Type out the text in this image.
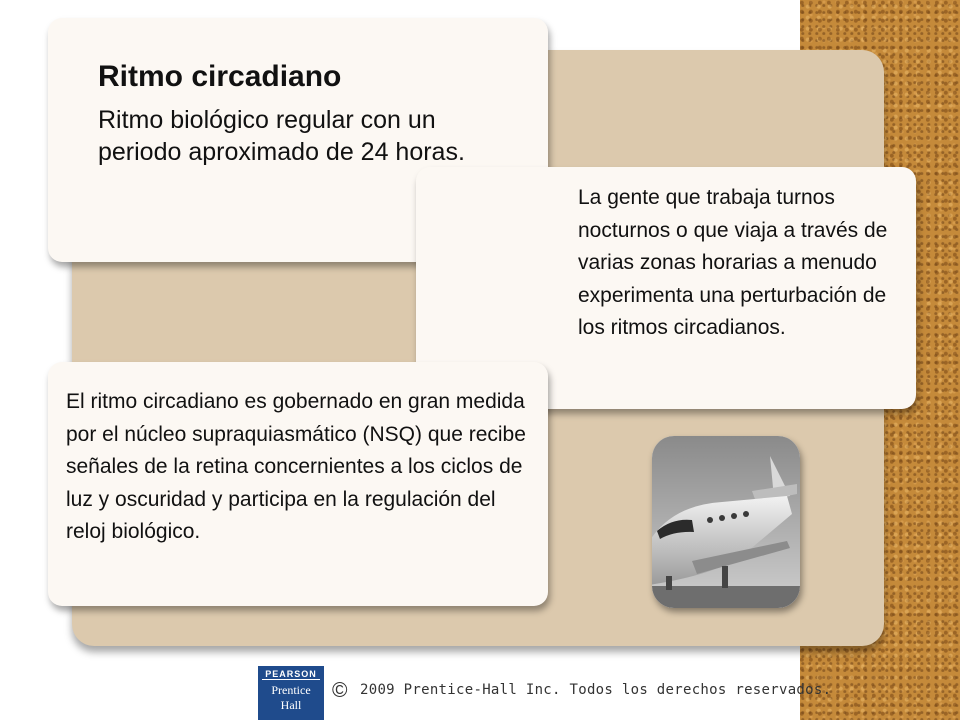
Ritmo circadiano
Ritmo biológico regular con un periodo aproximado de 24 horas.
La gente que trabaja turnos nocturnos o que viaja a través de varias zonas horarias a menudo experimenta una perturbación de los ritmos circadianos.
El ritmo circadiano es gobernado en gran medida por el núcleo supraquiasmático (NSQ) que recibe señales de la retina concernientes a los ciclos de luz y oscuridad y participa en la regulación del reloj biológico.
PEARSON
Prentice
Hall
© 2009 Prentice-Hall Inc. Todos los derechos reservados.
